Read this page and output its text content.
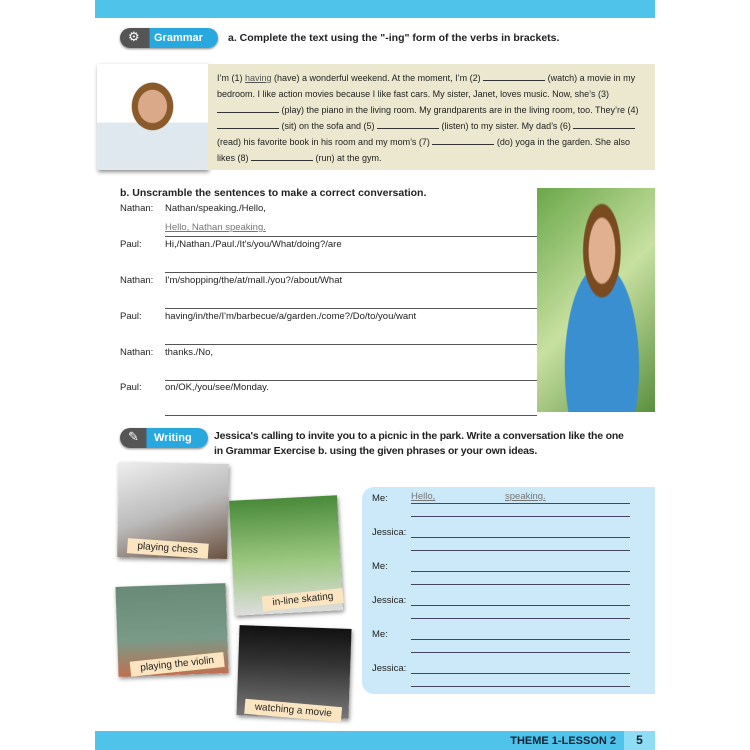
⚙	Grammar a. Complete the text using the "-ing" form of the verbs in brackets.
I’m (1) having (have) a wonderful weekend. At the moment, I’m (2)	(watch) a movie in my bedroom. I like action movies because I like fast cars. My sister, Janet, loves music. Now, she’s (3)  (play) the piano in the living room. My grandparents are in the living room, too. They’re (4)  (sit) on the sofa and (5)	(listen) to my sister. My dad’s (6)  (read) his favorite book in his room and my mom’s (7)	(do) yoga in the garden. She also likes (8)	(run) at the gym.
b. Unscramble the sentences to make a correct conversation.
Nathan: Nathan/speaking./Hello,
Hello, Nathan speaking.
Paul: Hi,/Nathan./Paul./It's/you/What/doing?/are
Nathan: I'm/shopping/the/at/mall./you?/about/What
Paul: having/in/the/I'm/barbecue/a/garden./come?/Do/to/you/want
Nathan: thanks./No,
Paul: on/OK,/you/see/Monday.
✎	Writing Jessica's calling to invite you to a picnic in the park. Write a conversation like the one
in Grammar Exercise b. using the given phrases or your own ideas.
playing chess
in-line skating
playing the violin
watching a movie
Me: Hello,	speaking.
Jessica:
Me:
Jessica:
Me:
Jessica:
THEME 1-LESSON 2	5
